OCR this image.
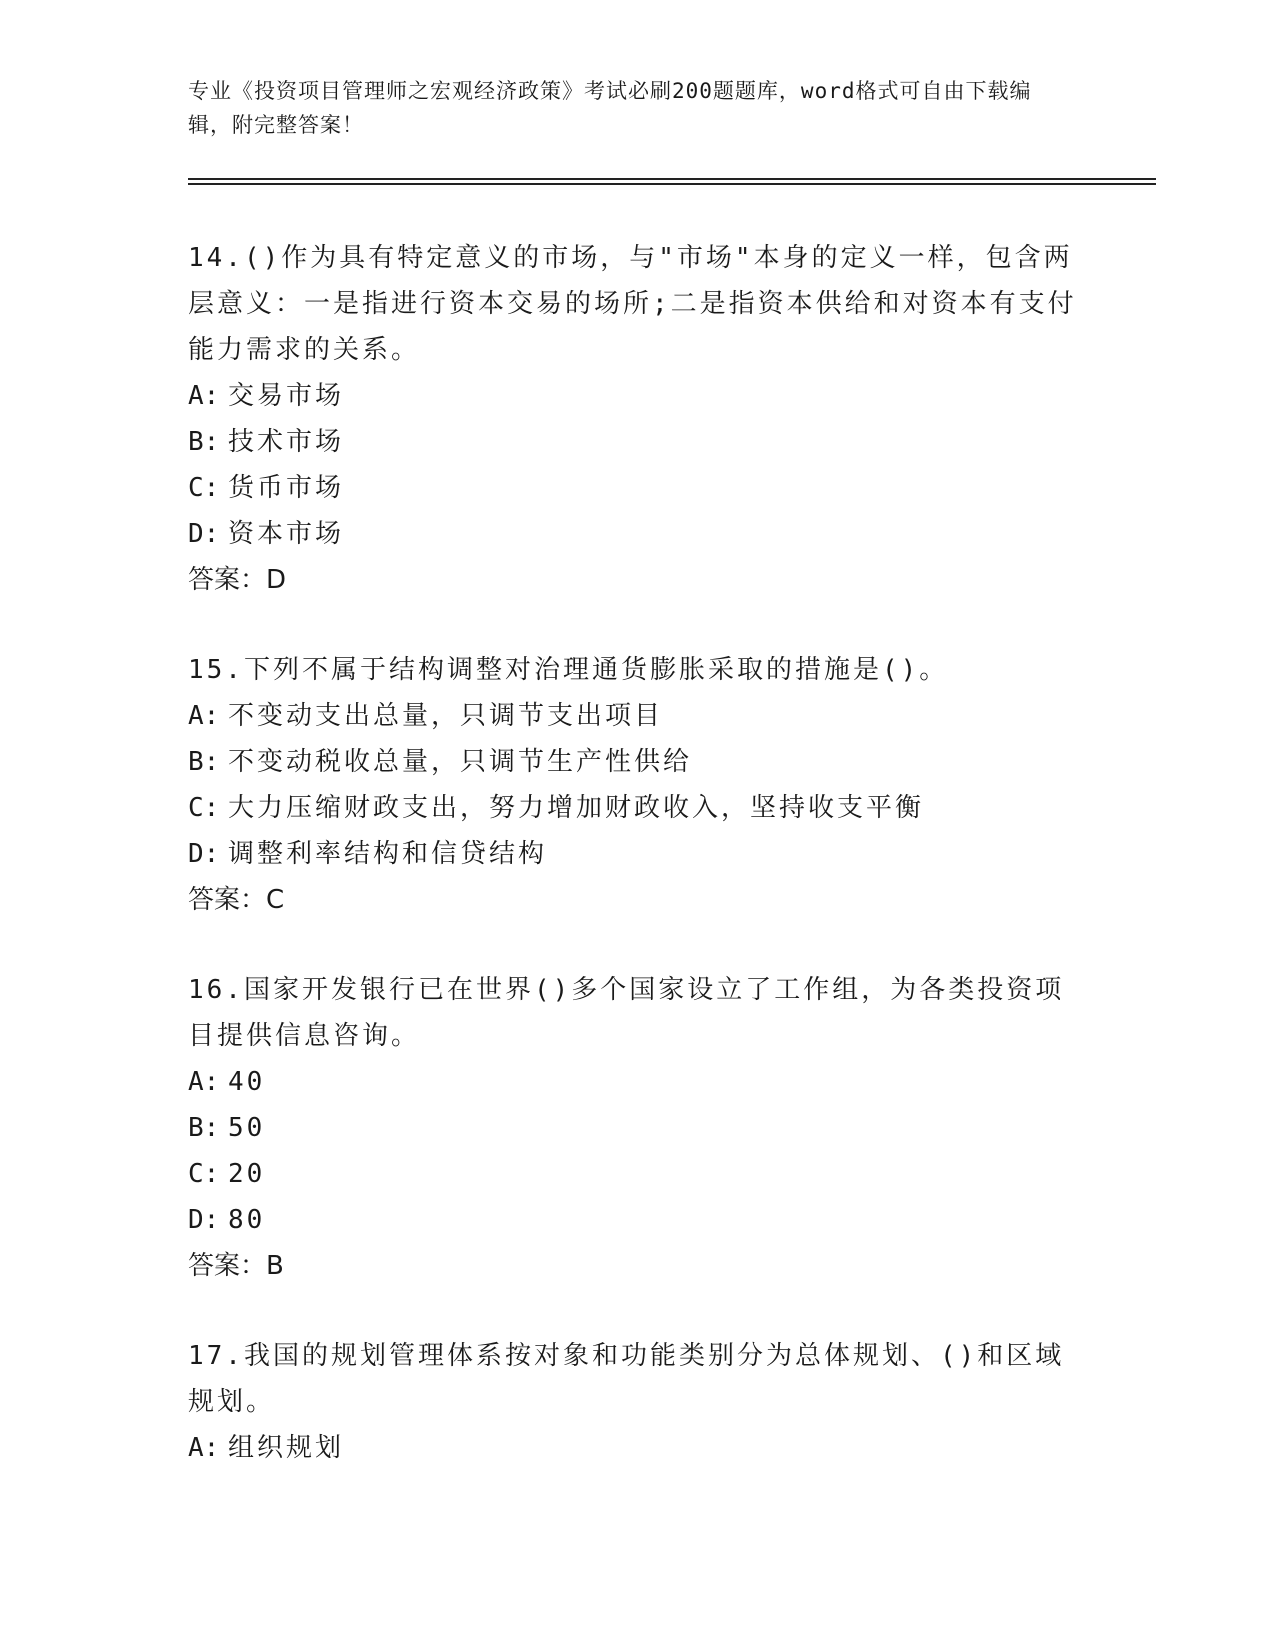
专业《投资项目管理师之宏观经济政策》考试必刷200题题库，word格式可自由下载编辑，附完整答案！

14.()作为具有特定意义的市场，与"市场"本身的定义一样，包含两层意义：一是指进行资本交易的场所;二是指资本供给和对资本有支付能力需求的关系。

A: 交易市场

B: 技术市场

C: 货币市场

D: 资本市场

答案：D

15.下列不属于结构调整对治理通货膨胀采取的措施是()。

A: 不变动支出总量，只调节支出项目

B: 不变动税收总量，只调节生产性供给

C: 大力压缩财政支出，努力增加财政收入，坚持收支平衡

D: 调整利率结构和信贷结构

答案：C

16.国家开发银行已在世界()多个国家设立了工作组，为各类投资项目提供信息咨询。

A: 40

B: 50

C: 20

D: 80

答案：B

17.我国的规划管理体系按对象和功能类别分为总体规划、()和区域规划。

A: 组织规划
